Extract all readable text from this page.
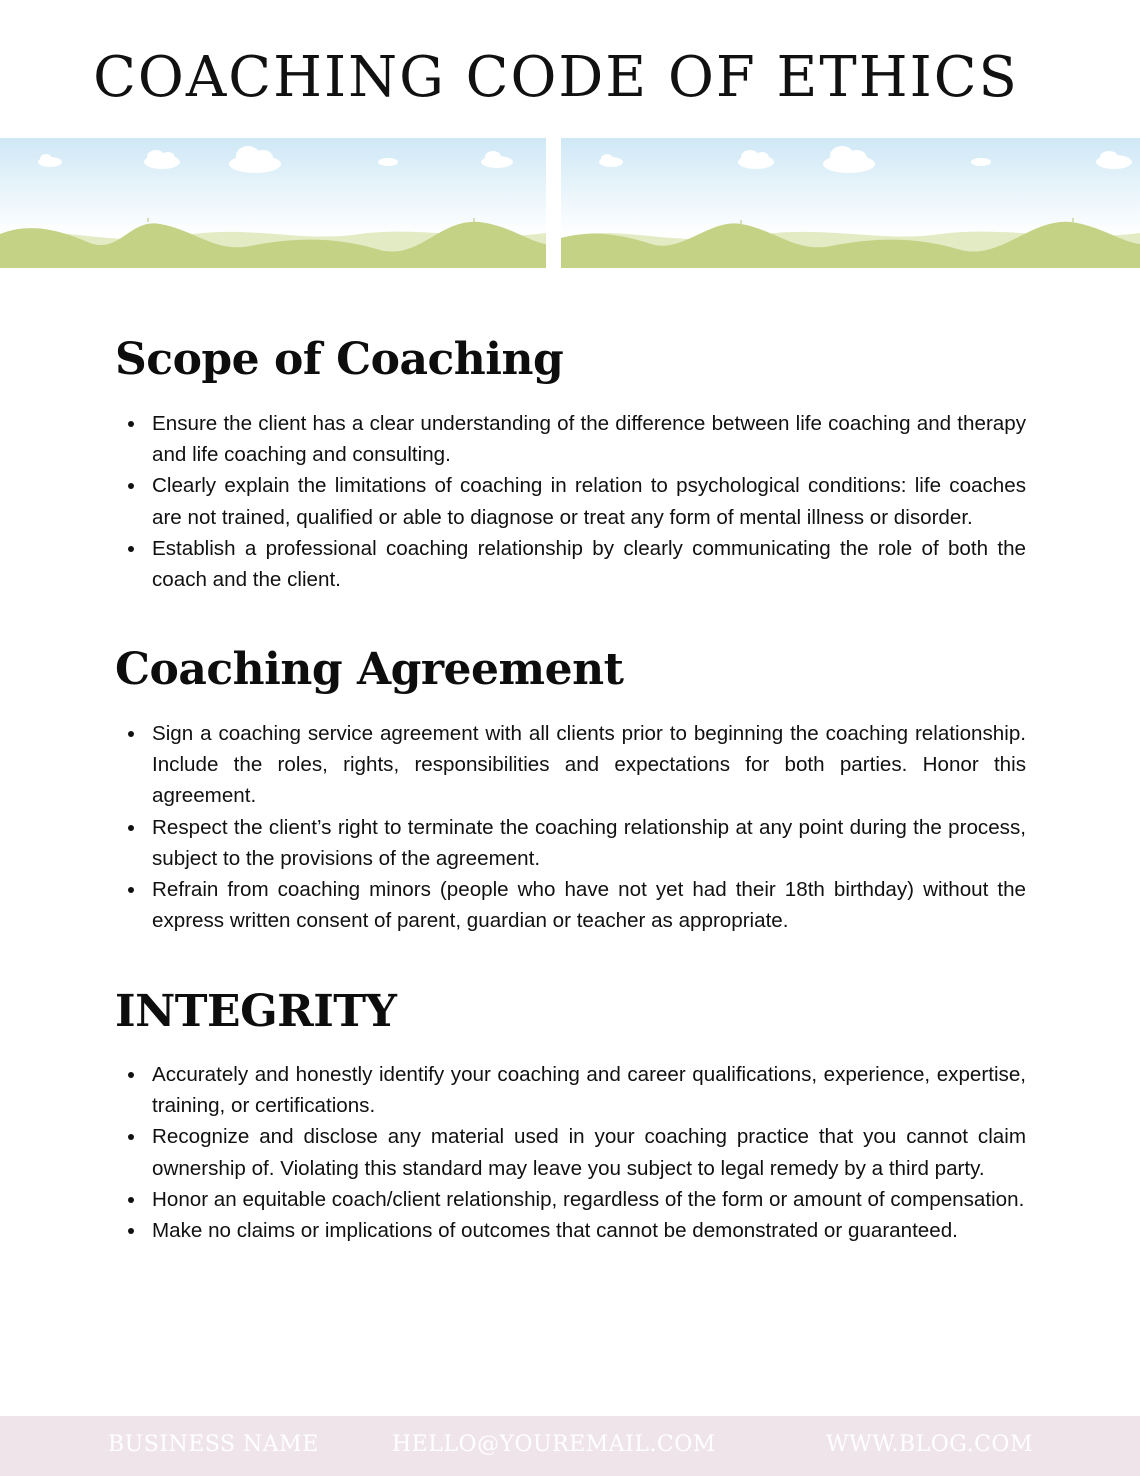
COACHING CODE OF ETHICS
Scope of Coaching
Ensure the client has a clear understanding of the difference between life coaching and therapy and life coaching and consulting.
Clearly explain the limitations of coaching in relation to psychological conditions: life coaches are not trained, qualified or able to diagnose or treat any form of mental illness or disorder.
Establish a professional coaching relationship by clearly communicating the role of both the coach and the client.
Coaching Agreement
Sign a coaching service agreement with all clients prior to beginning the coaching relationship. Include the roles, rights, responsibilities and expectations for both parties. Honor this agreement.
Respect the client’s right to terminate the coaching relationship at any point during the process, subject to the provisions of the agreement.
Refrain from coaching minors (people who have not yet had their 18th birthday) without the express written consent of parent, guardian or teacher as appropriate.
INTEGRITY
Accurately and honestly identify your coaching and career qualifications, experience, expertise, training, or certifications.
Recognize and disclose any material used in your coaching practice that you cannot claim ownership of. Violating this standard may leave you subject to legal remedy by a third party.
Honor an equitable coach/client relationship, regardless of the form or amount of compensation.
Make no claims or implications of outcomes that cannot be demonstrated or guaranteed.
BUSINESS NAME	HELLO@YOUREMAIL.COM	WWW.BLOG.COM
